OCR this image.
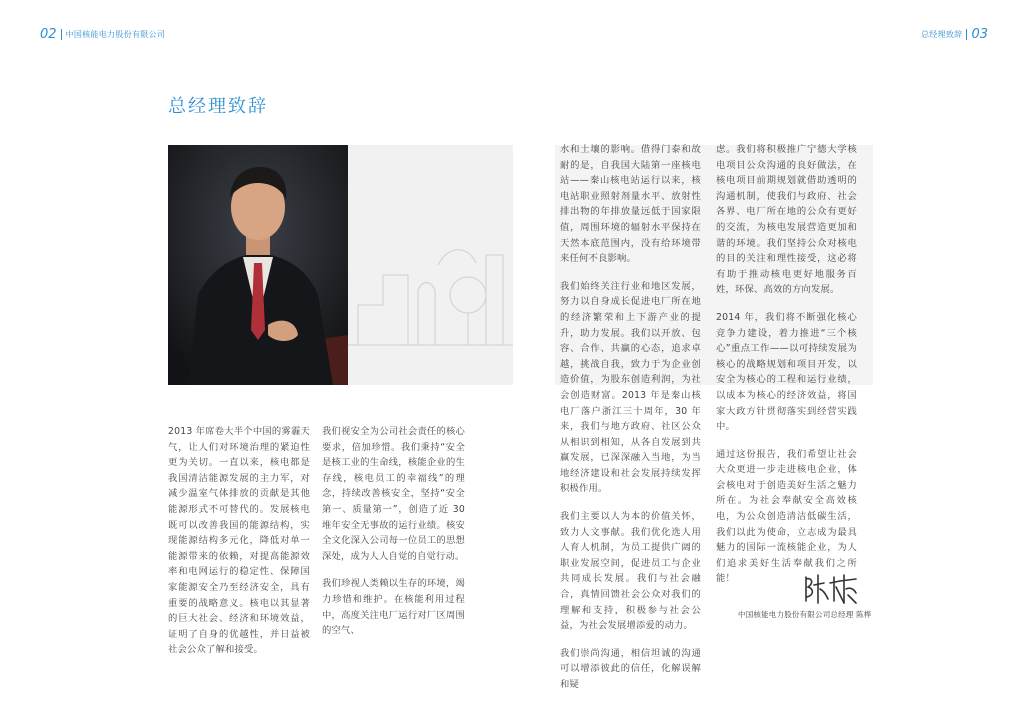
02 中国核能电力股份有限公司	总经理致辞 03
总经理致辞

2013 年席卷大半个中国的雾霾天气，让人们对环境治理的紧迫性更为关切。一直以来，核电都是我国清洁能源发展的主力军，对减少温室气体排放的贡献是其他能源形式不可替代的。发展核电既可以改善我国的能源结构，实现能源结构多元化，降低对单一能源带来的依赖，对提高能源效率和电网运行的稳定性、保障国家能源安全乃至经济安全，具有重要的战略意义。核电以其显著的巨大社会、经济和环境效益，证明了自身的优越性，并日益被社会公众了解和接受。

我们视安全为公司社会责任的核心要求，倍加珍惜。我们秉持“安全是核工业的生命线，核能企业的生存线，核电员工的幸福线”的理念，持续改善核安全，坚持“安全第一、质量第一”，创造了近 30 堆年安全无事故的运行业绩。核安全文化深入公司每一位员工的思想深处，成为人人自觉的自觉行动。

我们珍视人类赖以生存的环境，竭力珍惜和维护。在核能利用过程中，高度关注电厂运行对厂区周围的空气、

水和土壤的影响。借得门泰和故耐的是，自我国大陆第一座核电站——秦山核电站运行以来，核电站职业照射剂量水平、放射性排出物的年排放量远低于国家限值，周围环境的辐射水平保持在天然本底范围内，没有给环境带来任何不良影响。

我们始终关注行业和地区发展，努力以自身成长促进电厂所在地的经济繁荣和上下游产业的提升，助力发展。我们以开放、包容、合作、共赢的心态，追求卓越，挑战自我，致力于为企业创造价值，为股东创造利润，为社会创造财富。2013 年是秦山核电厂落户浙江三十周年，30 年来，我们与地方政府、社区公众从相识到相知，从各自发展到共赢发展，已深深融入当地，为当地经济建设和社会发展持续发挥积极作用。

我们主要以人为本的价值关怀，致力人文事献。我们优化选人用人育人机制，为员工提供广阔的职业发展空间，促进员工与企业共同成长发展。我们与社会融合，真情回馈社会公众对我们的理解和支持，积极参与社会公益，为社会发展增添爱的动力。

我们崇尚沟通，相信坦诚的沟通可以增添彼此的信任，化解误解和疑

虑。我们将积极推广宁德大学核电项目公众沟通的良好做法，在核电项目前期规划就借助透明的沟通机制，使我们与政府、社会各界、电厂所在地的公众有更好的交流，为核电发展营造更加和谐的环境。我们坚持公众对核电的目的关注和理性接受，这必将有助于推动核电更好地服务百姓，环保、高效的方向发展。

2014 年，我们将不断强化核心竞争力建设，着力推进“三个核心”重点工作——以可持续发展为核心的战略规划和项目开发，以安全为核心的工程和运行业绩，以成本为核心的经济效益，将国家大政方针贯彻落实到经营实践中。

通过这份报告，我们希望让社会大众更进一步走进核电企业，体会核电对于创造美好生活之魅力所在。为社会奉献安全高效核电，为公众创造清洁低碳生活，我们以此为使命，立志成为最具魅力的国际一流核能企业，为人们追求美好生活奉献我们之所能！

中国核能电力股份有限公司总经理 陈桦
